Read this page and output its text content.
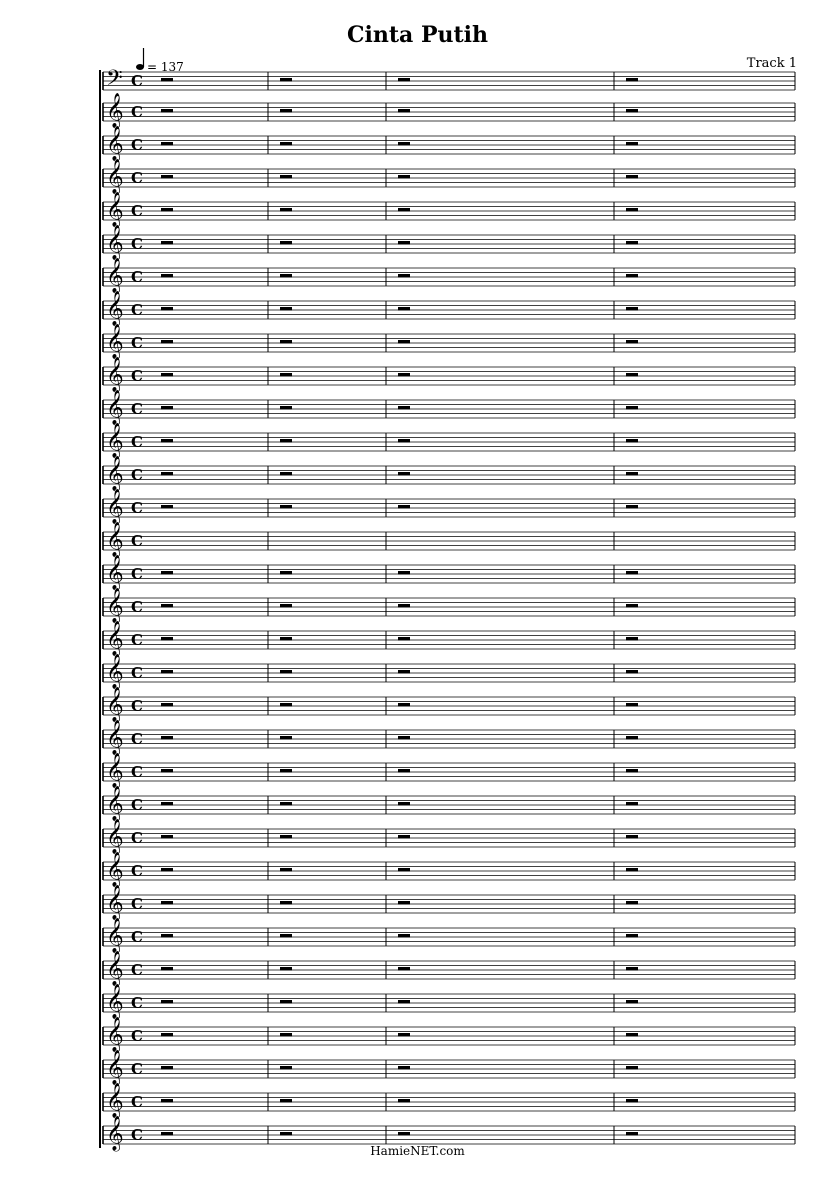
Cinta Putih
Track 1
= 137
𝄢 C
𝄞 C
𝄞 C
𝄞 C
𝄞 C
𝄞 C
𝄞 C
𝄞 C
𝄞 C
𝄞 C
𝄞 C
𝄞 C
𝄞 C
𝄞 C
𝄞 C
𝄞 C
𝄞 C
𝄞 C
𝄞 C
𝄞 C
𝄞 C
𝄞 C
𝄞 C
𝄞 C
𝄞 C
𝄞 C
𝄞 C
𝄞 C
𝄞 C
𝄞 C
𝄞 C
𝄞 C
𝄞 C
HamieNET.com
